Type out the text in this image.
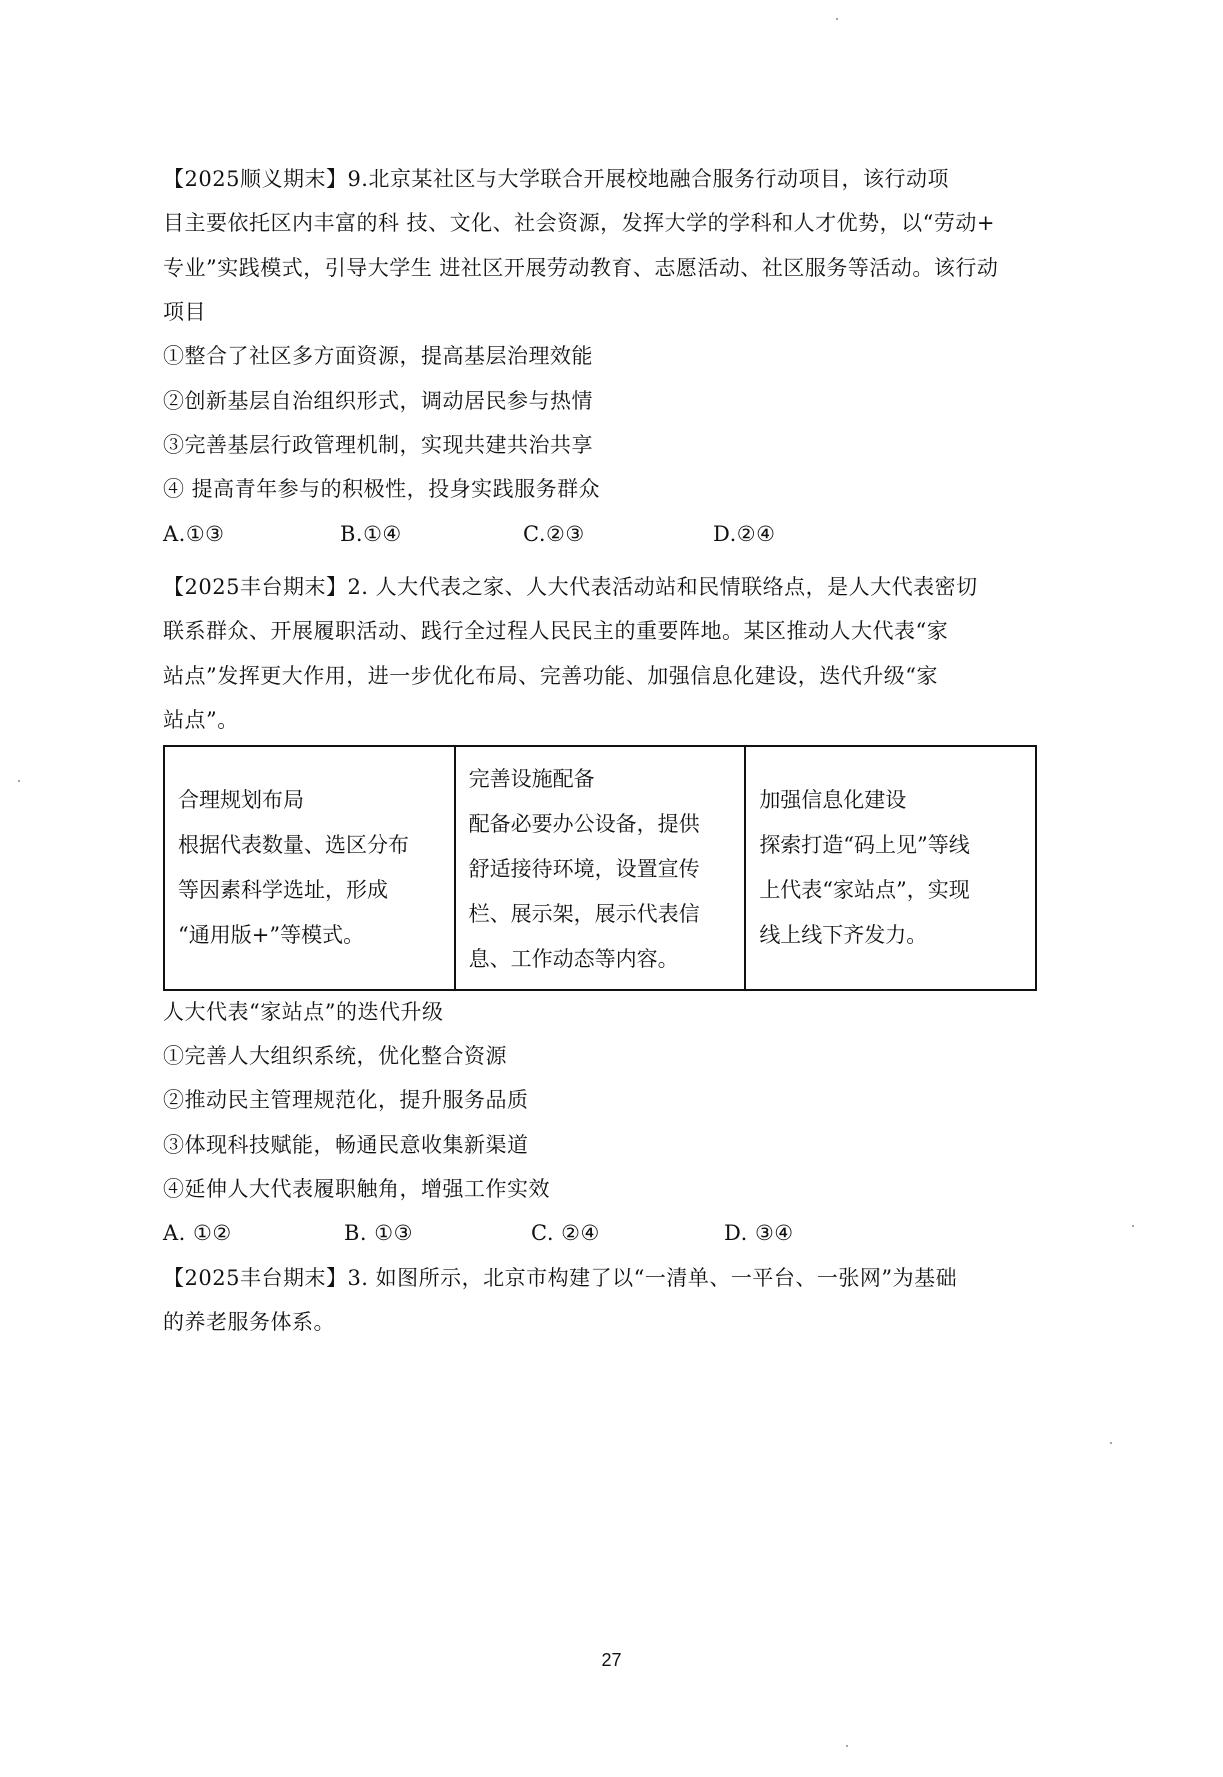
【2025顺义期末】9.北京某社区与大学联合开展校地融合服务行动项目，该行动项
目主要依托区内丰富的科 技、文化、社会资源，发挥大学的学科和人才优势，以“劳动+
专业”实践模式，引导大学生 进社区开展劳动教育、志愿活动、社区服务等活动。该行动
项目
①整合了社区多方面资源，提高基层治理效能
②创新基层自治组织形式，调动居民参与热情
③完善基层行政管理机制，实现共建共治共享
④ 提高青年参与的积极性，投身实践服务群众
A.①③	B.①④	C.②③	D.②④
【2025丰台期末】2. 人大代表之家、人大代表活动站和民情联络点，是人大代表密切
联系群众、开展履职活动、践行全过程人民民主的重要阵地。某区推动人大代表“家
站点”发挥更大作用，进一步优化布局、完善功能、加强信息化建设，迭代升级“家
站点”。
合理规划布局
根据代表数量、选区分布
等因素科学选址，形成
“通用版+”等模式。

完善设施配备
配备必要办公设备，提供
舒适接待环境，设置宣传
栏、展示架，展示代表信
息、工作动态等内容。

加强信息化建设
探索打造“码上见”等线
上代表“家站点”，实现
线上线下齐发力。
人大代表“家站点”的迭代升级
①完善人大组织系统，优化整合资源
②推动民主管理规范化，提升服务品质
③体现科技赋能，畅通民意收集新渠道
④延伸人大代表履职触角，增强工作实效
A. ①②	B. ①③	C. ②④	D. ③④
【2025丰台期末】3. 如图所示，北京市构建了以“一清单、一平台、一张网”为基础
的养老服务体系。
27
